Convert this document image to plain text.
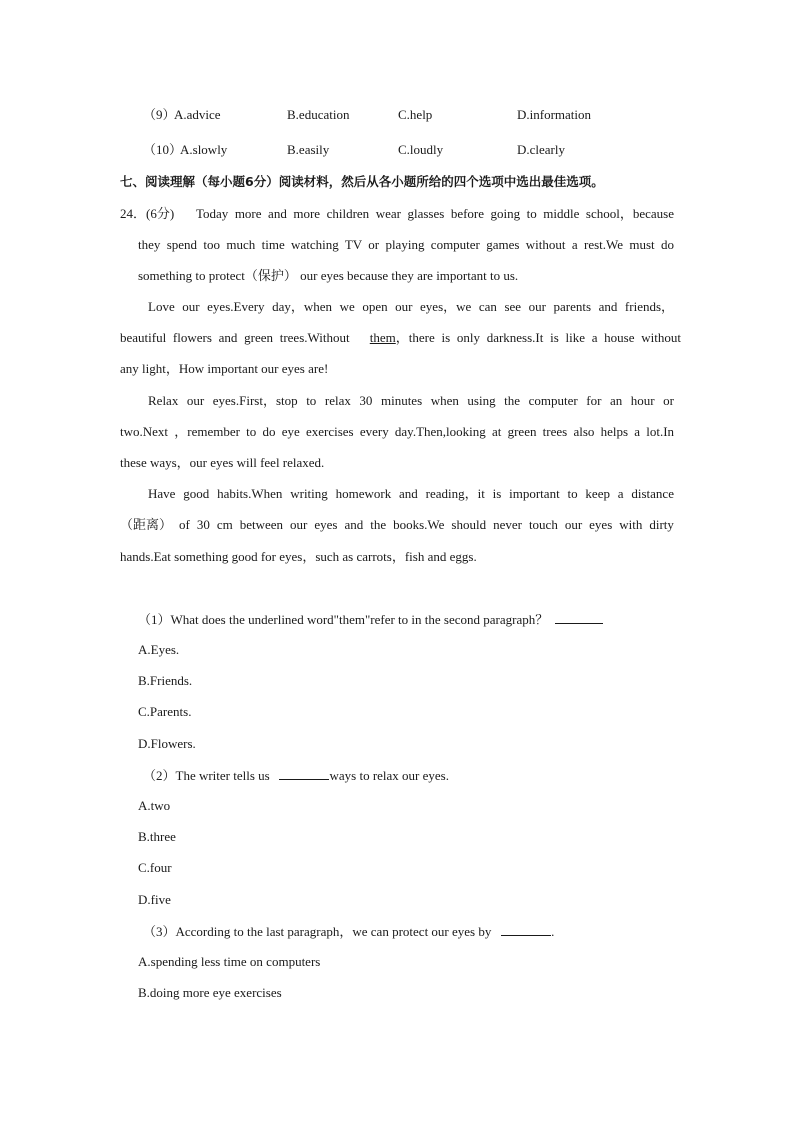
（9）
A.advice	B.education	C.help	D.information
（10）
A.slowly	B.easily	C.loudly	D.clearly
七、阅读理解（每小题6分）阅读材料，然后从各小题所给的四个选项中选出最佳选项。
24．(6分) Today more and more children wear glasses before going to middle school，because
they spend too much time watching TV or playing computer games without a rest.We must do
something to protect（保护） our eyes because they are important to us.
Love our eyes.Every day，when we open our eyes，we can see our parents and friends，
beautiful flowers and green trees.Without   them，there is only darkness.It is like a house without
any light，How important our eyes are!
Relax our eyes.First，stop to relax 30 minutes when using the computer for an hour or
two.Next ，remember to do eye exercises every day.Then,looking at green trees also helps a lot.In
these ways，our eyes will feel relaxed.
Have good habits.When writing homework and reading，it is important to keep a distance
（距离） of 30 cm between our eyes and the books.We should never touch our eyes with dirty
hands.Eat something good for eyes，such as carrots，fish and eggs.
（1）What does the underlined word"them"refer to in the second paragraph？
A.Eyes.
B.Friends.
C.Parents.
D.Flowers.
（2）The writer tells us	ways to relax our eyes.
A.two
B.three
C.four
D.five
（3）According to the last paragraph，we can protect our eyes by	.
A.spending less time on computers
B.doing more eye exercises
